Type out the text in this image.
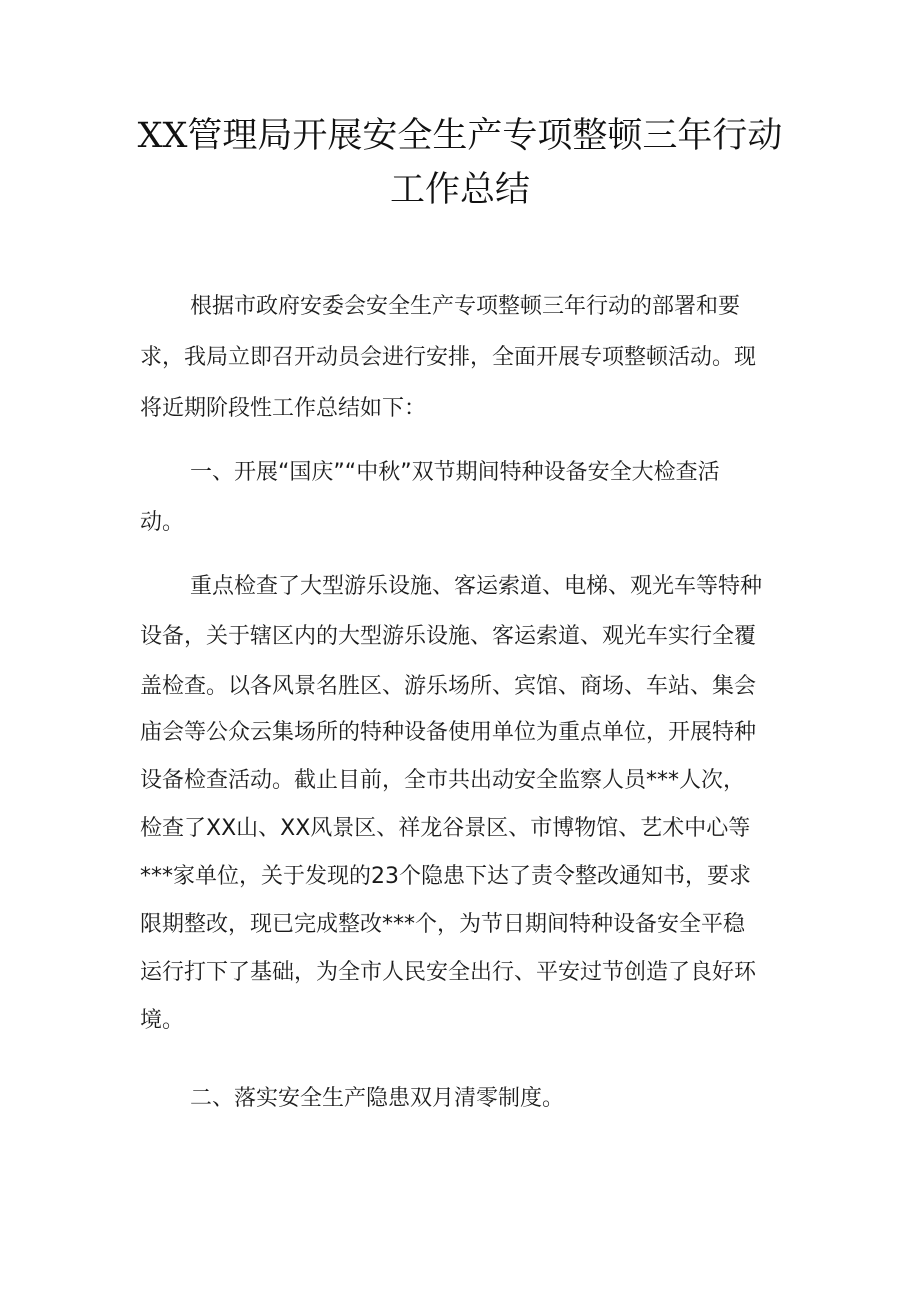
XX管理局开展安全生产专项整顿三年行动
工作总结
根据市政府安委会安全生产专项整顿三年行动的部署和要
求，我局立即召开动员会进行安排，全面开展专项整顿活动。现
将近期阶段性工作总结如下：
一、开展“国庆”“中秋”双节期间特种设备安全大检查活
动。
重点检查了大型游乐设施、客运索道、电梯、观光车等特种
设备，关于辖区内的大型游乐设施、客运索道、观光车实行全覆
盖检查。以各风景名胜区、游乐场所、宾馆、商场、车站、集会
庙会等公众云集场所的特种设备使用单位为重点单位，开展特种
设备检查活动。截止目前，全市共出动安全监察人员***人次，
检查了XX山、XX风景区、祥龙谷景区、市博物馆、艺术中心等
***家单位，关于发现的23个隐患下达了责令整改通知书，要求
限期整改，现已完成整改***个，为节日期间特种设备安全平稳
运行打下了基础，为全市人民安全出行、平安过节创造了良好环
境。
二、落实安全生产隐患双月清零制度。
